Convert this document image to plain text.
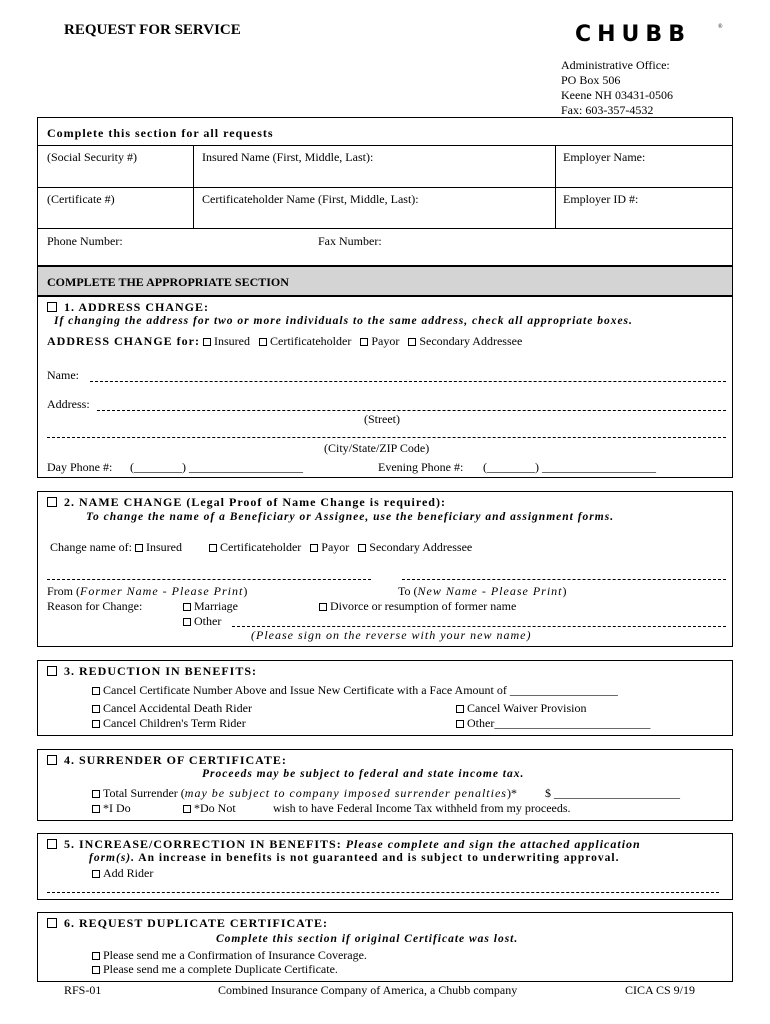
REQUEST FOR SERVICE	CHUBB	®
Administrative Office:
PO Box 506
Keene NH 03431-0506
Fax: 603-357-4532
Complete this section for all requests
(Social Security #)	Insured Name (First, Middle, Last):	Employer Name:
(Certificate #)	Certificateholder Name (First, Middle, Last):	Employer ID #:
Phone Number:	Fax Number:
COMPLETE THE APPROPRIATE SECTION
1. ADDRESS CHANGE:
If changing the address for two or more individuals to the same address, check all appropriate boxes.
ADDRESS CHANGE for: Insured Certificateholder Payor Secondary Addressee
Name:
Address:
(Street)
(City/State/ZIP Code)
Day Phone #: (________) ___________________	Evening Phone #: (________) ___________________
2. NAME CHANGE (Legal Proof of Name Change is required):
To change the name of a Beneficiary or Assignee, use the beneficiary and assignment forms.
Change name of: Insured	Certificateholder Payor Secondary Addressee
From (Former Name - Please Print)	To (New Name - Please Print)
Reason for Change:	Marriage	Divorce or resumption of former name
Other
(Please sign on the reverse with your new name)
3. REDUCTION IN BENEFITS:
Cancel Certificate Number Above and Issue New Certificate with a Face Amount of __________________
Cancel Accidental Death Rider	Cancel Waiver Provision
Cancel Children's Term Rider	Other__________________________
4. SURRENDER OF CERTIFICATE:
Proceeds may be subject to federal and state income tax.
Total Surrender (may be subject to company imposed surrender penalties)* $ _____________________
*I Do	*Do Not	wish to have Federal Income Tax withheld from my proceeds.
5. INCREASE/CORRECTION IN BENEFITS: Please complete and sign the attached application
form(s). An increase in benefits is not guaranteed and is subject to underwriting approval.
Add Rider
6. REQUEST DUPLICATE CERTIFICATE:
Complete this section if original Certificate was lost.
Please send me a Confirmation of Insurance Coverage.
Please send me a complete Duplicate Certificate.
RFS-01	Combined Insurance Company of America, a Chubb company	CICA CS 9/19
